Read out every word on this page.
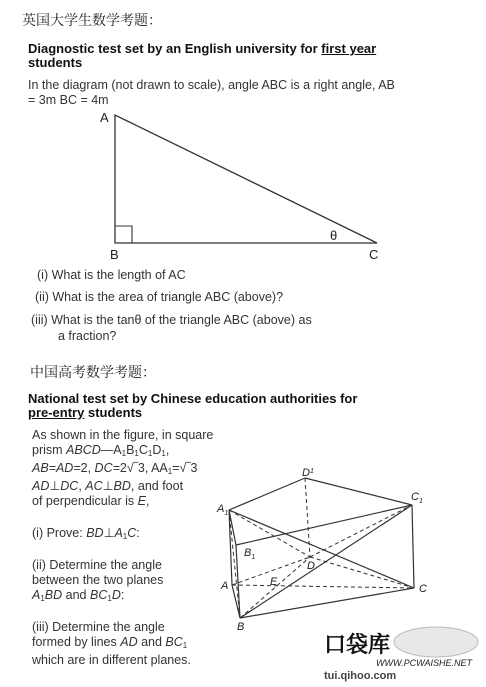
英国大学生数学考题：
Diagnostic test set by an English university for first year
students
In the diagram (not drawn to scale), angle ABC is a right angle, AB = 3m BC = 4m
A
B	C
θ
(i) What is the length of AC
(ii) What is the area of triangle ABC (above)?
(iii) What is the tanθ of the triangle ABC (above) as
a fraction?
中国高考数学考题：
National test set by Chinese education authorities for
pre-entry students
As shown in the figure, in square
prism $ABCD—A_1B_1C_1D_1$,
AB=AD=2, DC=2√‾3, $AA_1=√‾3$
AD⊥DC, AC⊥BD, and foot
of perpendicular is E,
(i) Prove: $BD\perp A_1C$:
(ii) Determine the angle
between the two planes
$A_1BD$ and $BC_1D$:
(iii) Determine the angle
formed by lines AD and $BC_1$
which are in different planes.
$A_1$
$D^1$
$C_1$
$B_1$
D
A	E
C
B
口袋库
WWW.PCWAISHE.NET
tui.qihoo.com
